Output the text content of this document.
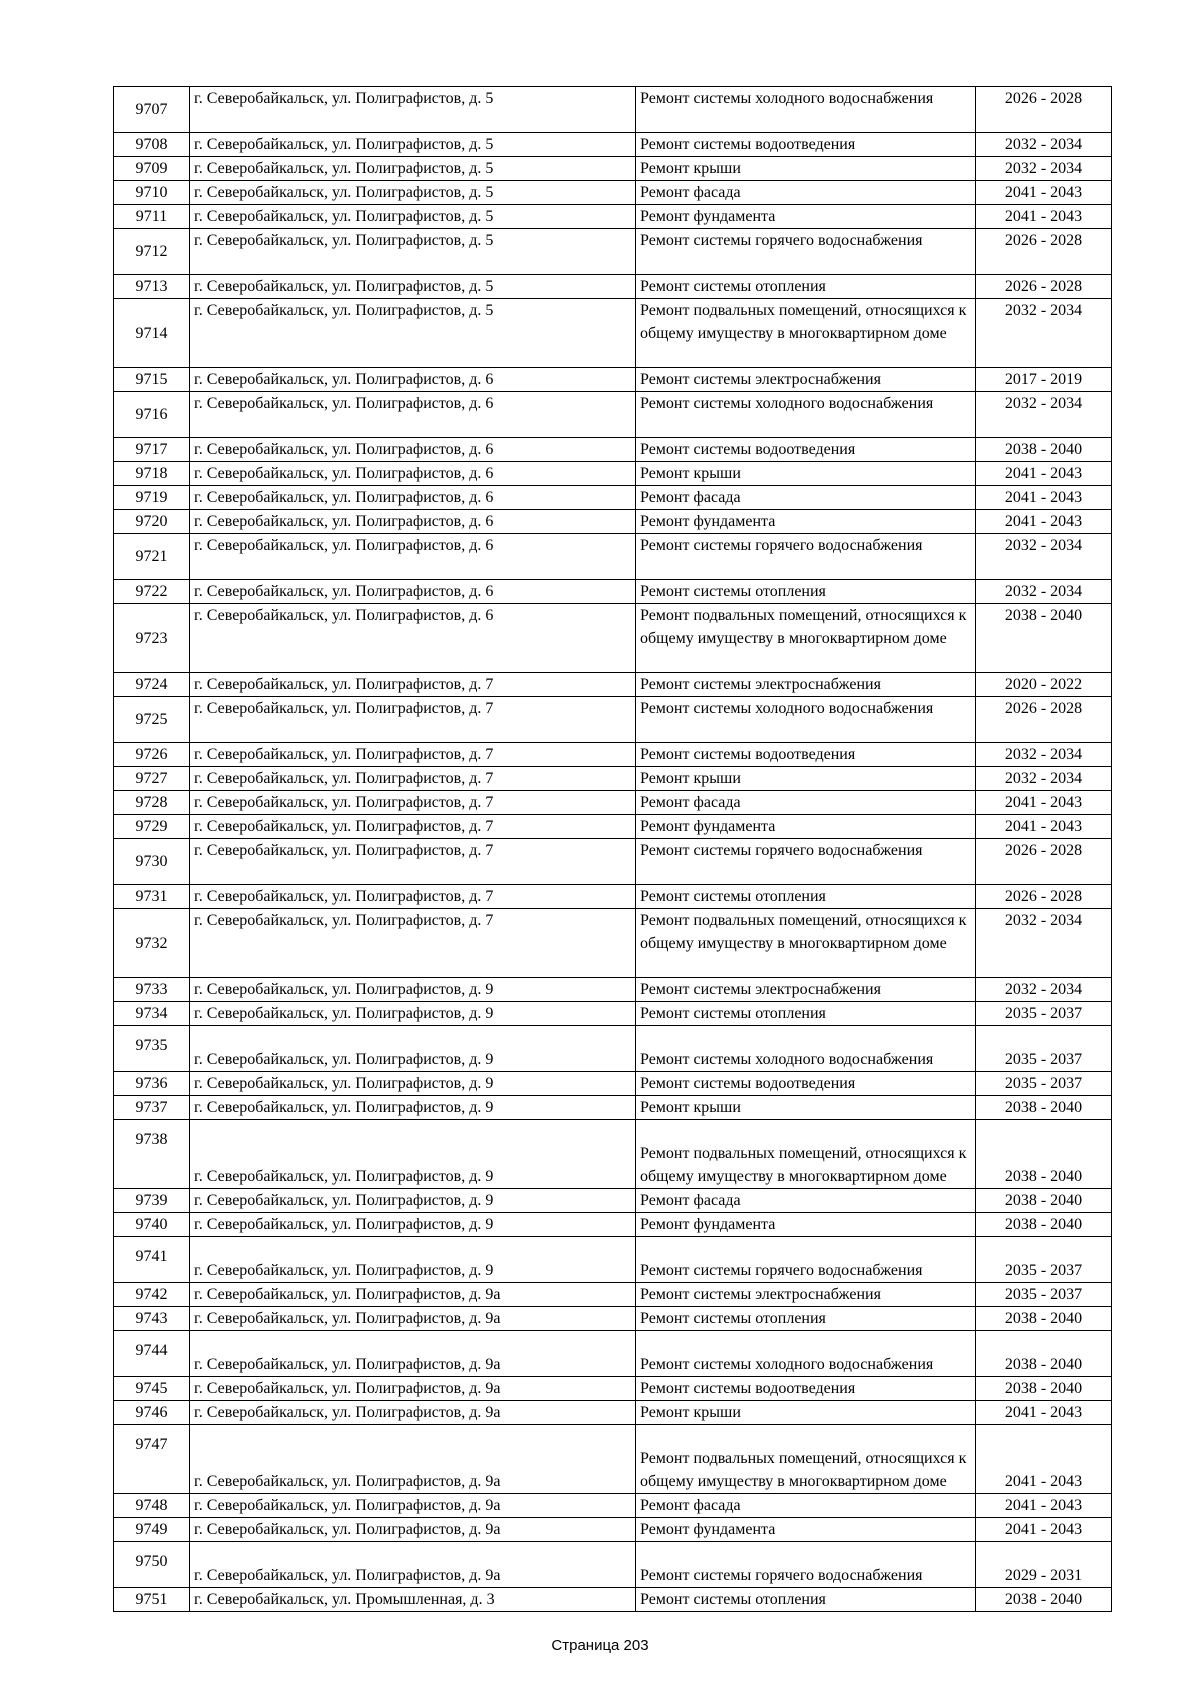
9707	г. Северобайкальск, ул. Полиграфистов, д. 5	Ремонт системы холодного водоснабжения	2026 - 2028
9708	г. Северобайкальск, ул. Полиграфистов, д. 5	Ремонт системы водоотведения	2032 - 2034
9709	г. Северобайкальск, ул. Полиграфистов, д. 5	Ремонт крыши	2032 - 2034
9710	г. Северобайкальск, ул. Полиграфистов, д. 5	Ремонт фасада	2041 - 2043
9711	г. Северобайкальск, ул. Полиграфистов, д. 5	Ремонт фундамента	2041 - 2043
9712	г. Северобайкальск, ул. Полиграфистов, д. 5	Ремонт системы горячего водоснабжения	2026 - 2028
9713	г. Северобайкальск, ул. Полиграфистов, д. 5	Ремонт системы отопления	2026 - 2028
9714	г. Северобайкальск, ул. Полиграфистов, д. 5	Ремонт подвальных помещений, относящихся к общему имуществу в многоквартирном доме	2032 - 2034
9715	г. Северобайкальск, ул. Полиграфистов, д. 6	Ремонт системы электроснабжения	2017 - 2019
9716	г. Северобайкальск, ул. Полиграфистов, д. 6	Ремонт системы холодного водоснабжения	2032 - 2034
9717	г. Северобайкальск, ул. Полиграфистов, д. 6	Ремонт системы водоотведения	2038 - 2040
9718	г. Северобайкальск, ул. Полиграфистов, д. 6	Ремонт крыши	2041 - 2043
9719	г. Северобайкальск, ул. Полиграфистов, д. 6	Ремонт фасада	2041 - 2043
9720	г. Северобайкальск, ул. Полиграфистов, д. 6	Ремонт фундамента	2041 - 2043
9721	г. Северобайкальск, ул. Полиграфистов, д. 6	Ремонт системы горячего водоснабжения	2032 - 2034
9722	г. Северобайкальск, ул. Полиграфистов, д. 6	Ремонт системы отопления	2032 - 2034
9723	г. Северобайкальск, ул. Полиграфистов, д. 6	Ремонт подвальных помещений, относящихся к общему имуществу в многоквартирном доме	2038 - 2040
9724	г. Северобайкальск, ул. Полиграфистов, д. 7	Ремонт системы электроснабжения	2020 - 2022
9725	г. Северобайкальск, ул. Полиграфистов, д. 7	Ремонт системы холодного водоснабжения	2026 - 2028
9726	г. Северобайкальск, ул. Полиграфистов, д. 7	Ремонт системы водоотведения	2032 - 2034
9727	г. Северобайкальск, ул. Полиграфистов, д. 7	Ремонт крыши	2032 - 2034
9728	г. Северобайкальск, ул. Полиграфистов, д. 7	Ремонт фасада	2041 - 2043
9729	г. Северобайкальск, ул. Полиграфистов, д. 7	Ремонт фундамента	2041 - 2043
9730	г. Северобайкальск, ул. Полиграфистов, д. 7	Ремонт системы горячего водоснабжения	2026 - 2028
9731	г. Северобайкальск, ул. Полиграфистов, д. 7	Ремонт системы отопления	2026 - 2028
9732	г. Северобайкальск, ул. Полиграфистов, д. 7	Ремонт подвальных помещений, относящихся к общему имуществу в многоквартирном доме	2032 - 2034
9733	г. Северобайкальск, ул. Полиграфистов, д. 9	Ремонт системы электроснабжения	2032 - 2034
9734	г. Северобайкальск, ул. Полиграфистов, д. 9	Ремонт системы отопления	2035 - 2037
9735	г. Северобайкальск, ул. Полиграфистов, д. 9	Ремонт системы холодного водоснабжения	2035 - 2037
9736	г. Северобайкальск, ул. Полиграфистов, д. 9	Ремонт системы водоотведения	2035 - 2037
9737	г. Северобайкальск, ул. Полиграфистов, д. 9	Ремонт крыши	2038 - 2040
9738	г. Северобайкальск, ул. Полиграфистов, д. 9	Ремонт подвальных помещений, относящихся к общему имуществу в многоквартирном доме	2038 - 2040
9739	г. Северобайкальск, ул. Полиграфистов, д. 9	Ремонт фасада	2038 - 2040
9740	г. Северобайкальск, ул. Полиграфистов, д. 9	Ремонт фундамента	2038 - 2040
9741	г. Северобайкальск, ул. Полиграфистов, д. 9	Ремонт системы горячего водоснабжения	2035 - 2037
9742	г. Северобайкальск, ул. Полиграфистов, д. 9а	Ремонт системы электроснабжения	2035 - 2037
9743	г. Северобайкальск, ул. Полиграфистов, д. 9а	Ремонт системы отопления	2038 - 2040
9744	г. Северобайкальск, ул. Полиграфистов, д. 9а	Ремонт системы холодного водоснабжения	2038 - 2040
9745	г. Северобайкальск, ул. Полиграфистов, д. 9а	Ремонт системы водоотведения	2038 - 2040
9746	г. Северобайкальск, ул. Полиграфистов, д. 9а	Ремонт крыши	2041 - 2043
9747	г. Северобайкальск, ул. Полиграфистов, д. 9а	Ремонт подвальных помещений, относящихся к общему имуществу в многоквартирном доме	2041 - 2043
9748	г. Северобайкальск, ул. Полиграфистов, д. 9а	Ремонт фасада	2041 - 2043
9749	г. Северобайкальск, ул. Полиграфистов, д. 9а	Ремонт фундамента	2041 - 2043
9750	г. Северобайкальск, ул. Полиграфистов, д. 9а	Ремонт системы горячего водоснабжения	2029 - 2031
9751	г. Северобайкальск, ул. Промышленная, д. 3	Ремонт системы отопления	2038 - 2040
Страница 203
